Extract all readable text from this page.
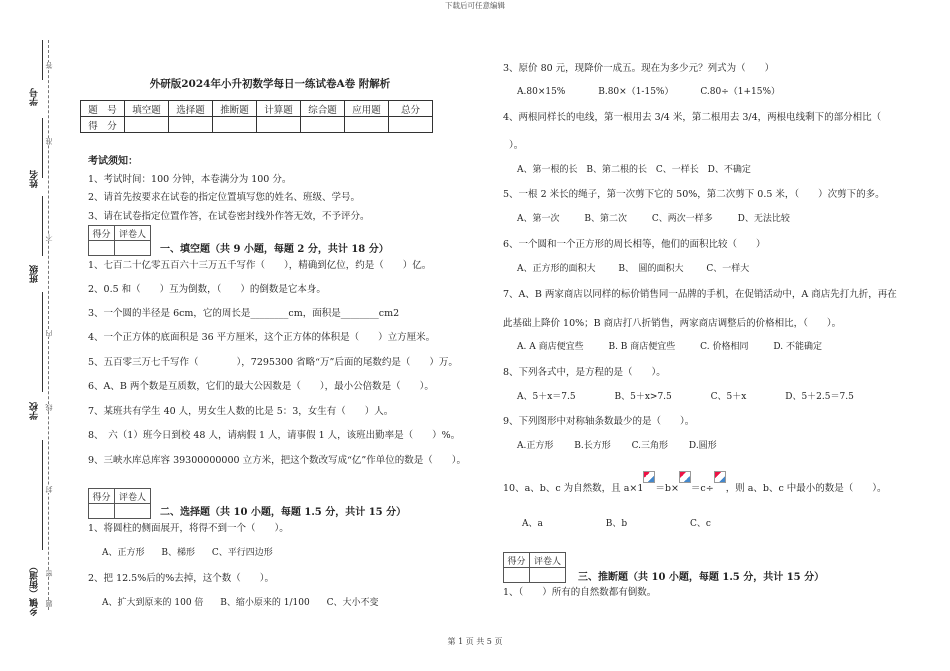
下载后可任意编辑
第 1 页 共 5 页
学号
姓名
班级
学校
乡镇（街道）
答
准
不
内
线
封
密
题
外研版2024年小升初数学每日一练试卷A卷 附解析
题　号	填空题	选择题	推断题	计算题	综合题	应用题	总分
得　分							
考试须知：
1、考试时间：100 分钟，本卷满分为 100 分。
2、请首先按要求在试卷的指定位置填写您的姓名、班级、学号。
3、请在试卷指定位置作答，在试卷密封线外作答无效，不予评分。
得分	评卷人

一、填空题（共 9 小题，每题 2 分，共计 18 分）
1、七百二十亿零五百六十三万五千写作（　　），精确到亿位，约是（　　）亿。
2、0.5 和（　　）互为倒数，（　　）的倒数是它本身。
3、一个圆的半径是 6cm，它的周长是________cm，面积是________cm2
4、一个正方体的底面积是 36 平方厘米，这个正方体的体积是（　　）立方厘米。
5、五百零三万七千写作（　　　　），7295300 省略“万”后面的尾数约是（　　）万。
6、A、B 两个数是互质数，它们的最大公因数是（　　），最小公倍数是（　　）。
7、某班共有学生 40 人，男女生人数的比是 5：3，女生有（　　）人。
8、　六（1）班今日到校 48 人，请病假 1 人，请事假 1 人，该班出勤率是（　　）%。
9、三峡水库总库容 39300000000 立方米，把这个数改写成“亿”作单位的数是（　　）。
得分	评卷人

二、选择题（共 10 小题，每题 1.5 分，共计 15 分）
1、将圆柱的侧面展开，将得不到一个（　　）。
A、正方形 B、梯形 C、平行四边形
2、把 12.5%后的%去掉，这个数（　　）。
A、扩大到原来的 100 倍 B、缩小原来的 1/100 C、大小不变
3、原价 80 元，现降价一成五。现在为多少元？列式为（　　）
A.80×15%	B.80×（1-15%）	C.80÷（1+15%）
4、两根同样长的电线，第一根用去 3/4 米，第二根用去 3/4，两根电线剩下的部分相比（
）。
A、第一根的长 B、第二根的长 C、一样长 D、不确定
5、一根 2 米长的绳子，第一次剪下它的 50%，第二次剪下 0.5 米，（　　）次剪下的多。
A、第一次	B、第二次	C、两次一样多	D、无法比较
6、一个圆和一个正方形的周长相等，他们的面积比较（　　）
A、正方形的面积大	B、　圆的面积大	C、一样大
7、A、B 两家商店以同样的标价销售同一品牌的手机，在促销活动中，A 商店先打九折，再在
此基础上降价 10%；B 商店打八折销售，两家商店调整后的价格相比，（　　）。
A. A 商店便宜些	B. B 商店便宜些	C. 价格相同	D. 不能确定
8、下列各式中，是方程的是（　　）。
A、5＋x＝7.5	B、5＋x>7.5	C、5＋x	D、5＋2.5＝7.5
9、下列图形中对称轴条数最少的是（　　）。
A.正方形 B.长方形 C.三角形 D.圆形
10、a、b、c 为自然数，且 a×1 ＝b× ＝c÷ ，则 a、b、c 中最小的数是（　　）。
A、a	B、b	C、c
得分	评卷人

三、推断题（共 10 小题，每题 1.5 分，共计 15 分）
1、（　　）所有的自然数都有倒数。
